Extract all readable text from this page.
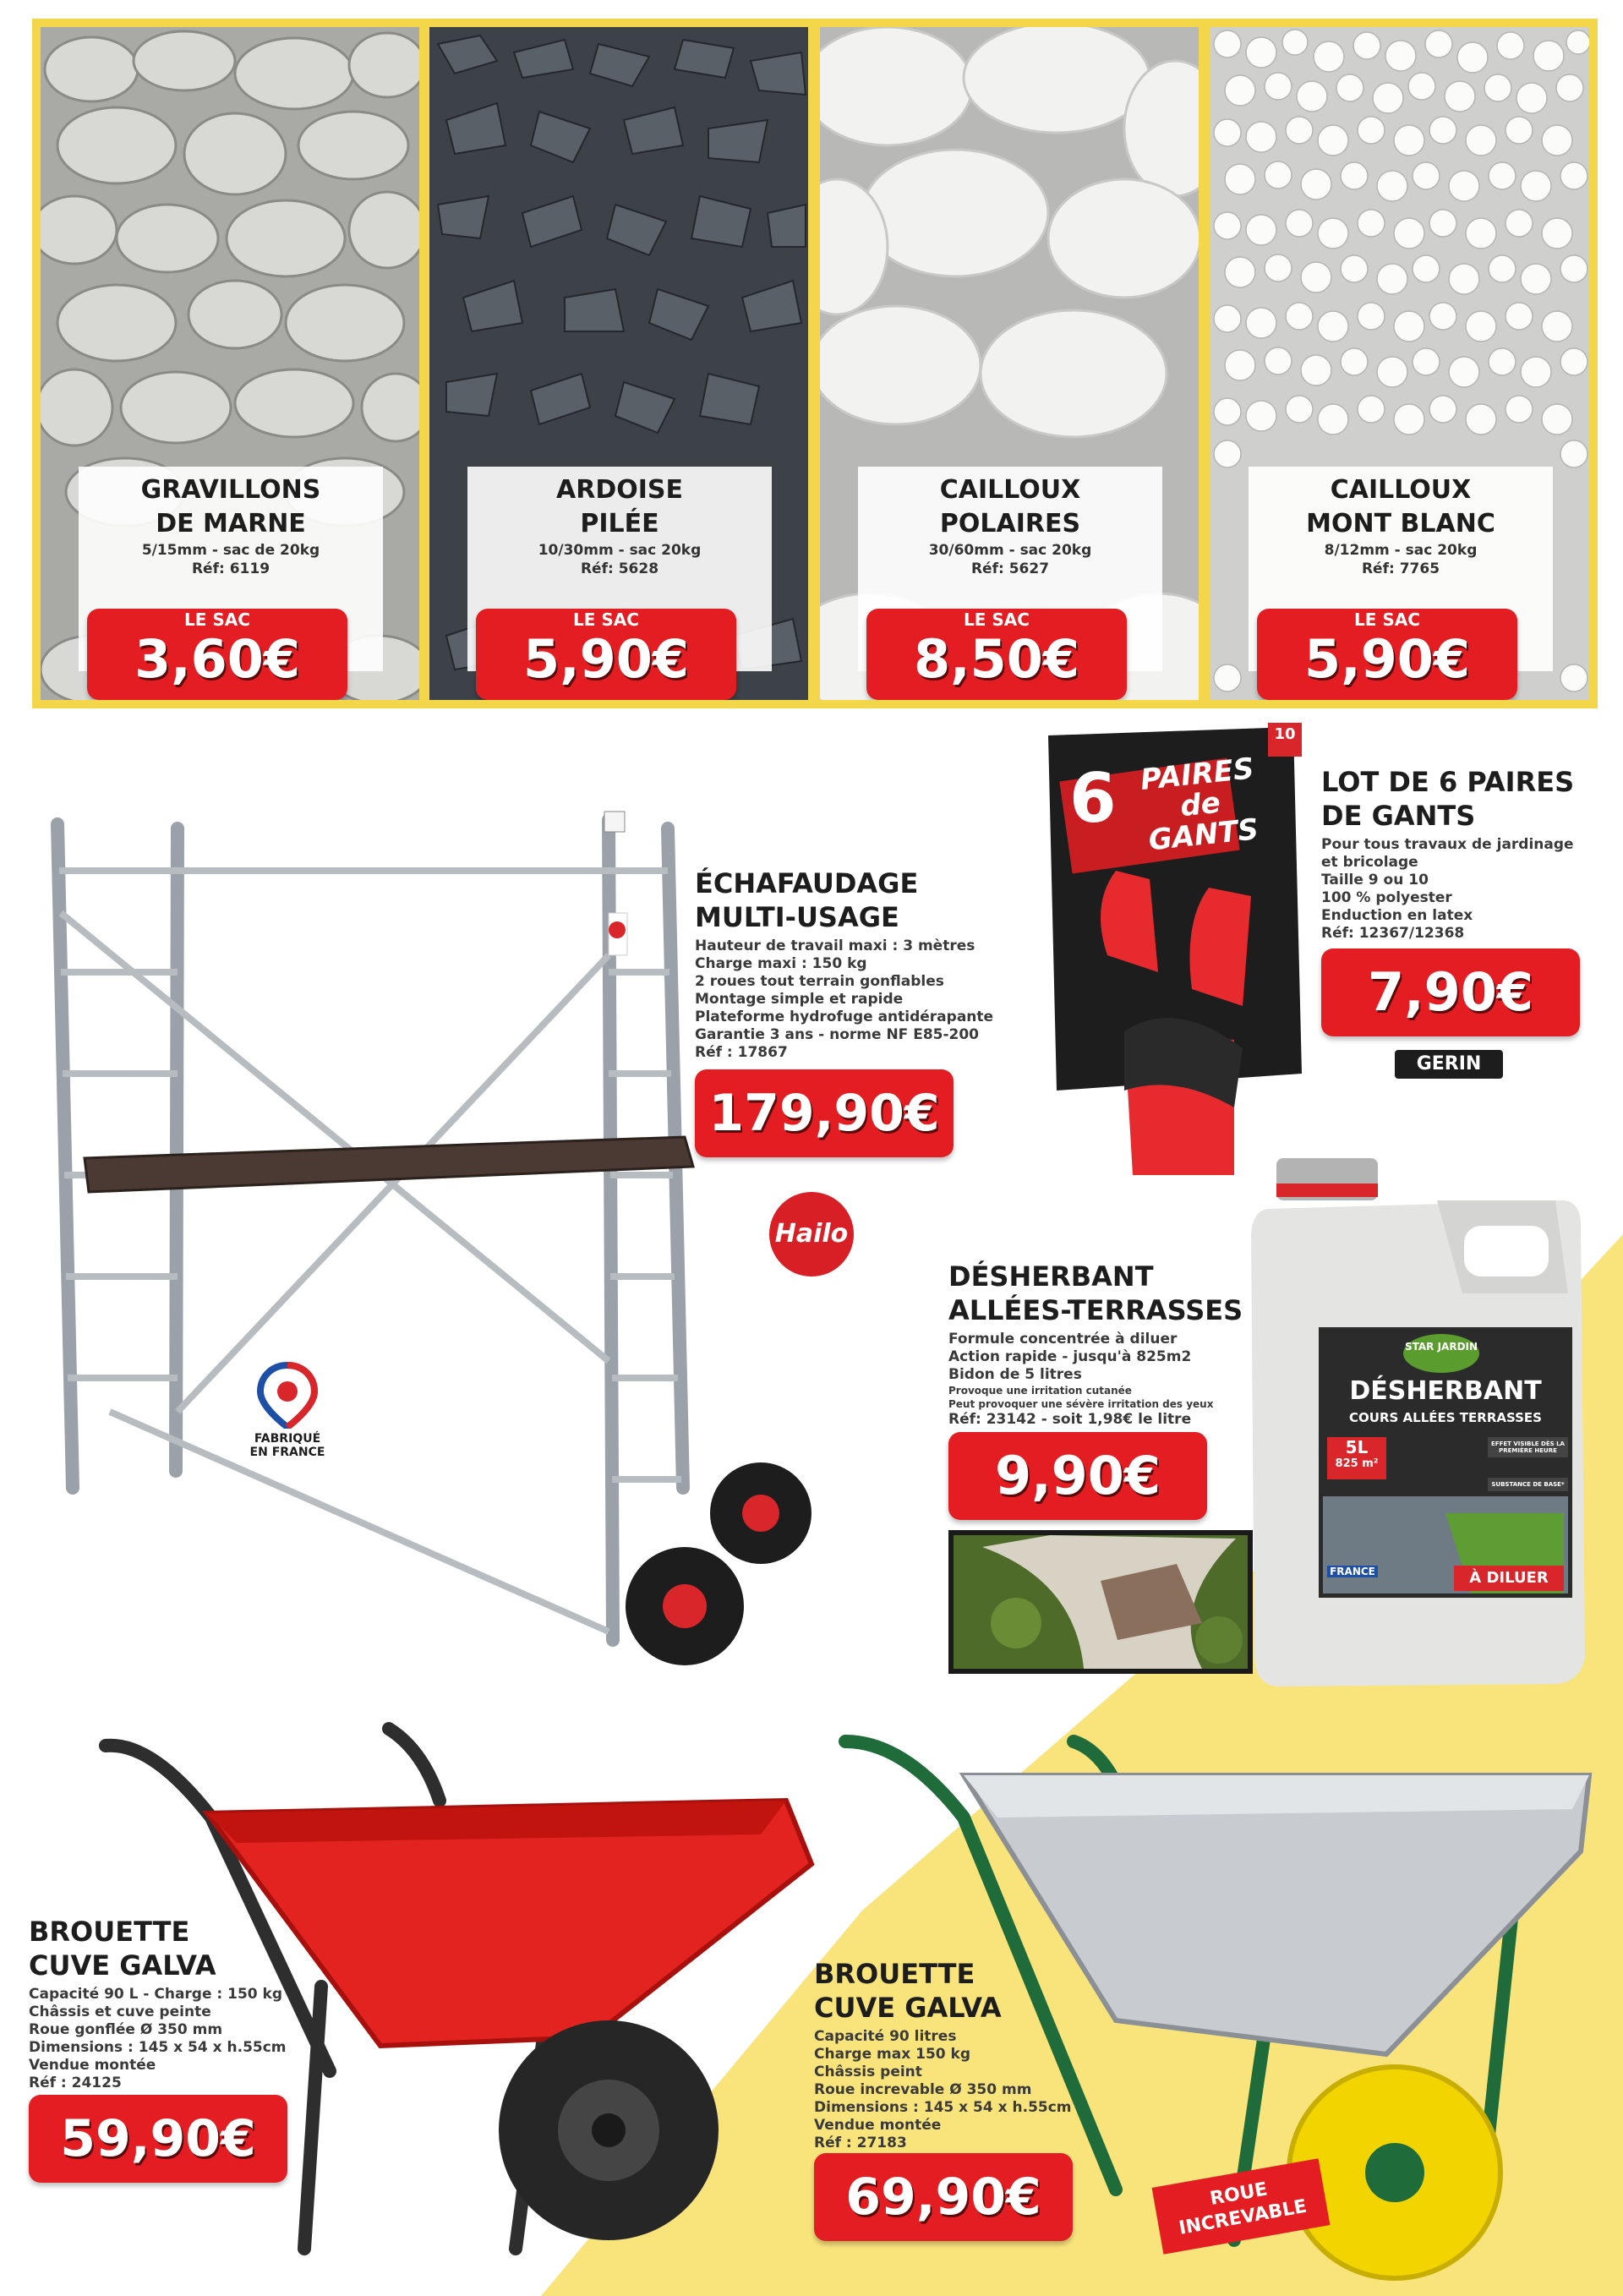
GRAVILLONS
DE MARNE
5/15mm - sac de 20kg
Réf: 6119
LE SAC
3,60€
ARDOISE
PILÉE
10/30mm - sac 20kg
Réf: 5628
LE SAC
5,90€
CAILLOUX
POLAIRES
30/60mm - sac 20kg
Réf: 5627
LE SAC
8,50€
CAILLOUX
MONT BLANC
8/12mm - sac 20kg
Réf: 7765
LE SAC
5,90€
FABRIQUÉ
EN FRANCE
ÉCHAFAUDAGE
MULTI-USAGE
Hauteur de travail maxi : 3 mètres
Charge maxi : 150 kg
2 roues tout terrain gonflables
Montage simple et rapide
Plateforme hydrofuge antidérapante
Garantie 3 ans - norme NF E85-200
Réf : 17867
179,90€
Hailo
PAIRES de GANTS
6
10
LOT DE 6 PAIRES
DE GANTS
Pour tous travaux de jardinage
et bricolage
Taille 9 ou 10
100 % polyester
Enduction en latex
Réf: 12367/12368
7,90€
GERIN
DÉSHERBANT
ALLÉES-TERRASSES
Formule concentrée à diluer
Action rapide - jusqu'à 825m2
Bidon de 5 litres
Provoque une irritation cutanée
Peut provoquer une sévère irritation des yeux
Réf: 23142 - soit 1,98€ le litre
9,90€
STAR JARDIN
DÉSHERBANT
COURS ALLÉES TERRASSES
5L
825 m²
EFFET VISIBLE DÈS LA PREMIÈRE HEURE
SUBSTANCE DE BASE*
FRANCE	À DILUER
BROUETTE
CUVE GALVA
Capacité 90 L - Charge : 150 kg
Châssis et cuve peinte
Roue gonflée Ø 350 mm
Dimensions : 145 x 54 x h.55cm
Vendue montée
Réf : 24125
59,90€
BROUETTE
CUVE GALVA
Capacité 90 litres
Charge max 150 kg
Châssis peint
Roue increvable Ø 350 mm
Dimensions : 145 x 54 x h.55cm
Vendue montée
Réf : 27183
69,90€	ROUE
INCREVABLE
